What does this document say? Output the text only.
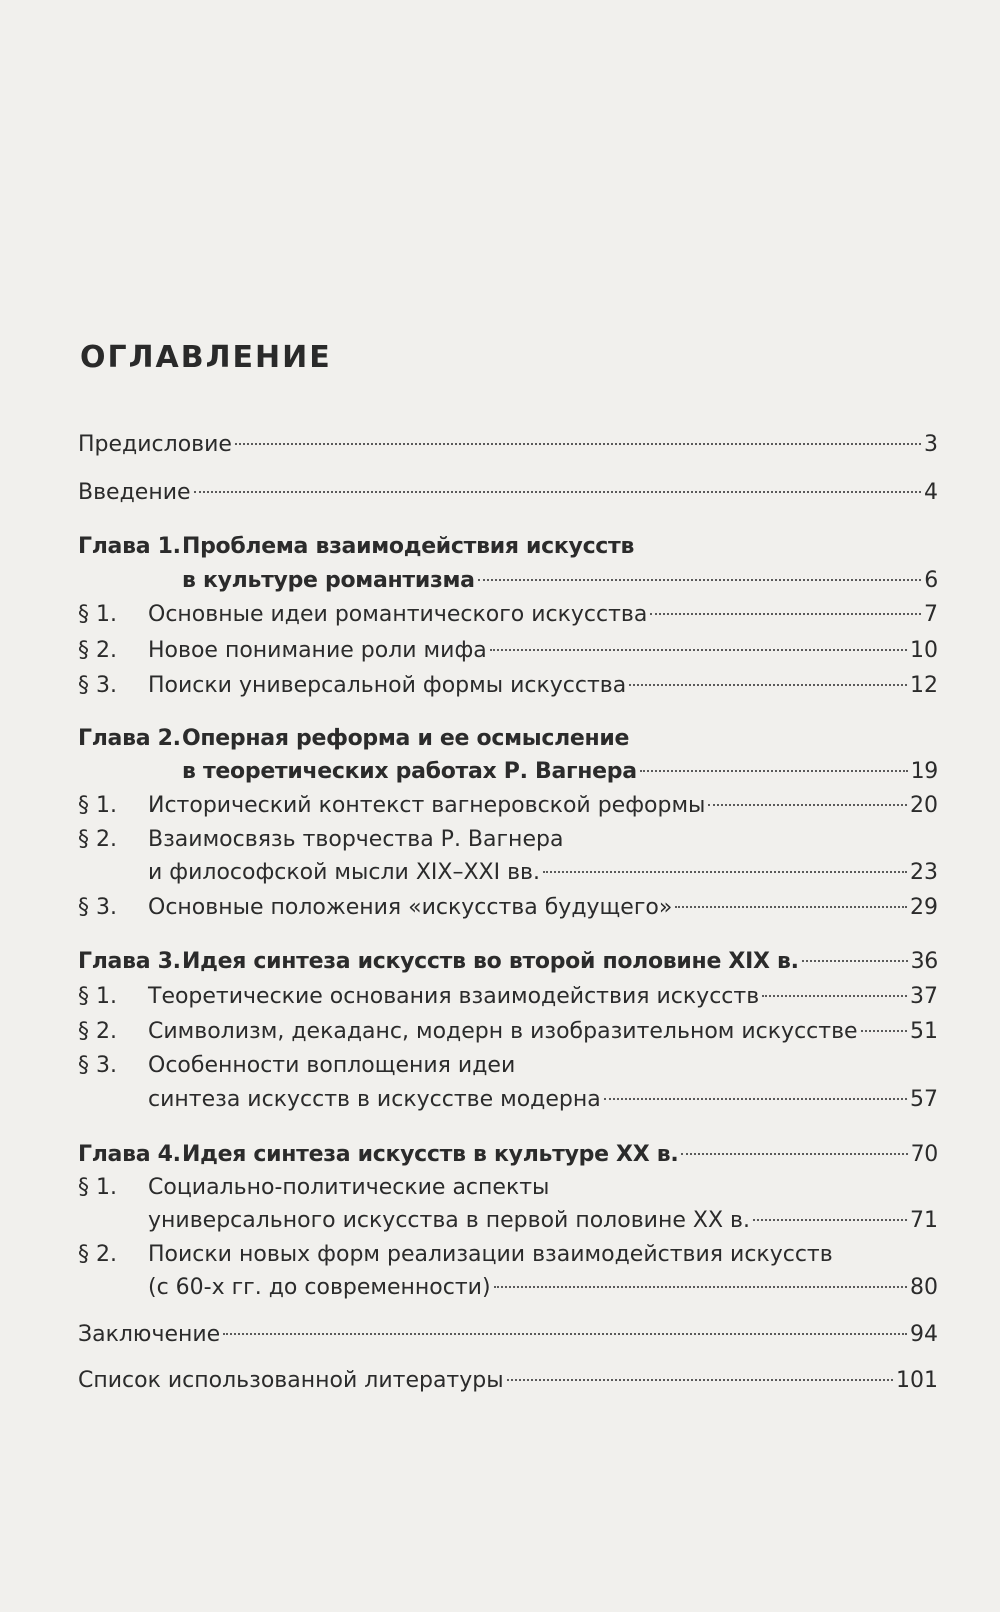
ОГЛАВЛЕНИЕ
Предисловие	3
Введение	4
Глава 1. Проблема взаимодействия искусств
в культуре романтизма	6
§ 1. Основные идеи романтического искусства	7
§ 2. Новое понимание роли мифа	10
§ 3. Поиски универсальной формы искусства	12
Глава 2. Оперная реформа и ее осмысление
в теоретических работах Р. Вагнера	19
§ 1. Исторический контекст вагнеровской реформы	20
§ 2. Взаимосвязь творчества Р. Вагнера
и философской мысли XIX–XXI вв.	23
§ 3. Основные положения «искусства будущего»	29
Глава 3. Идея синтеза искусств во второй половине XIX в.	36
§ 1. Теоретические основания взаимодействия искусств	37
§ 2. Символизм, декаданс, модерн в изобразительном искусстве 51
§ 3. Особенности воплощения идеи
синтеза искусств в искусстве модерна	57
Глава 4. Идея синтеза искусств в культуре XX в.	70
§ 1. Социально-политические аспекты
универсального искусства в первой половине XX в.	71
§ 2. Поиски новых форм реализации взаимодействия искусств
(с 60-х гг. до современности)	80
Заключение	94
Список использованной литературы	101
